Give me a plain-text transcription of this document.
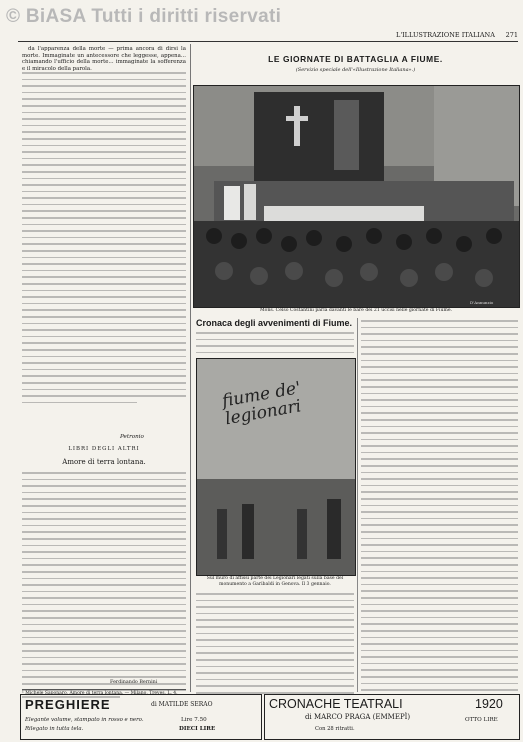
© BiASA Tutti i diritti riservati
L'ILLUSTRAZIONE ITALIANA 271

da l'apparenza della morte — prima ancora di dirsi la morte. Immaginate un antecessore che leggesse, appena... chiamando l'ufficio della morte... immaginate la sofferenza e il miracolo della parola.

Petronio
LIBRI DEGLI ALTRI
Amore di terra lontana.
Ferdinando Bernini
¹ Michele Saponaro, Amore di terra lontana. — Milano, Treves, L. 4.
LE GIORNATE DI BATTAGLIA A FIUME.
(Servizio speciale dell'«Illustrazione Italiana».)
D'Annunzio
Mons. Celso Costantini parla davanti le bare dei 21 uccisi nelle giornate di Fiume.
Cronaca degli avvenimenti di Fiume.
fiume de' legionari
Sul muro di affissi parte dei Legionari legati sulla base del monumento a Garibaldi in Genova. Il 3 gennaio.
PREGHIERE	di MATILDE SERAO
Elegante volume, stampato in rosso e nero.
Rilegato in tutta tela.
Lire 7.50
DIECI LIRE
CRONACHE TEATRALI	1920
di MARCO PRAGA (EMMEPÌ)	OTTO LIRE
Con 28 ritratti.
